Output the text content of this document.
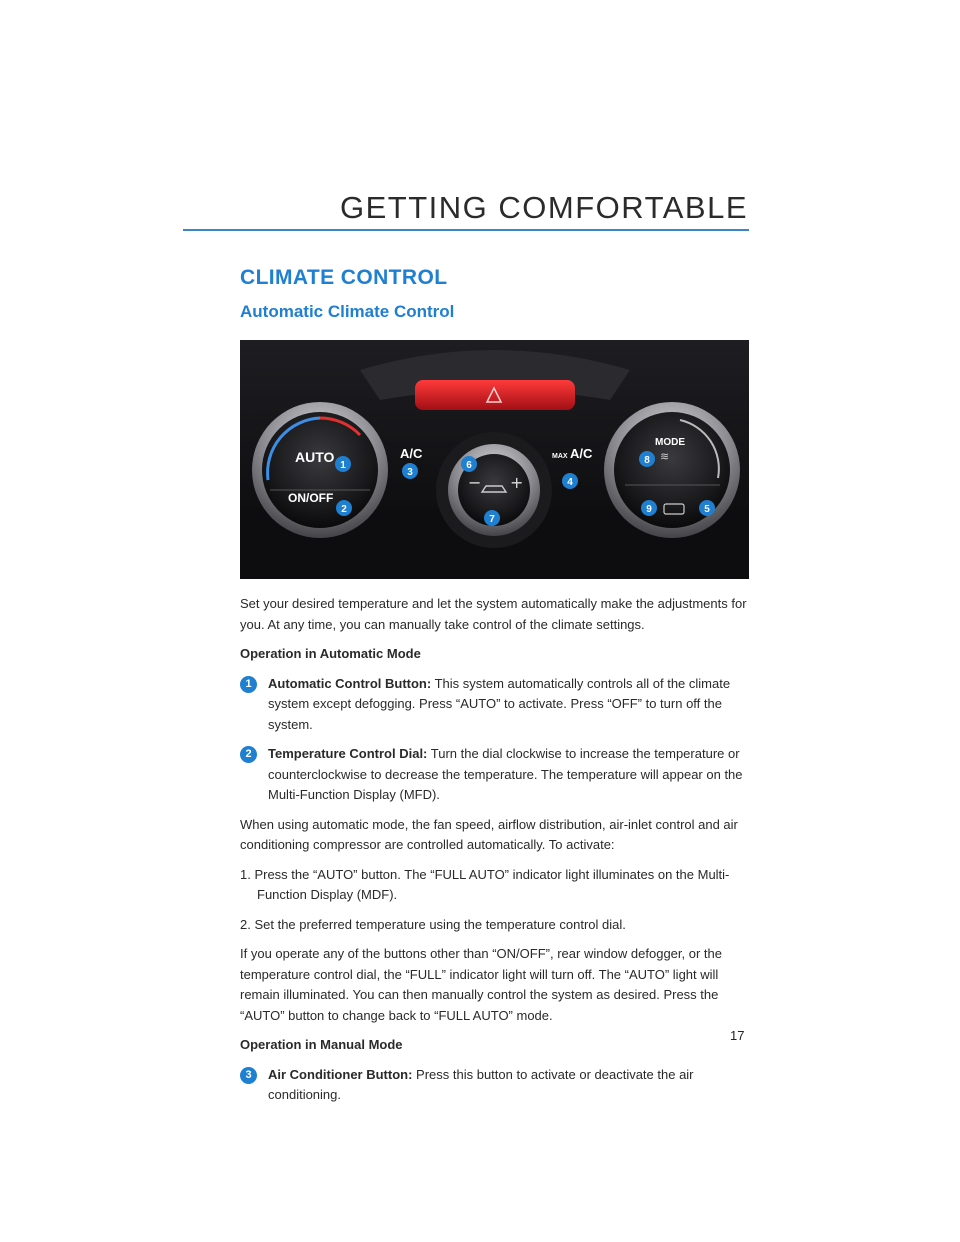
GETTING COMFORTABLE
CLIMATE CONTROL
Automatic Climate Control
AUTO
ON/OFF
− +
A/C	MAX A/C	≋
MODE
1
2
3
4
5
6
7
8
9

Set your desired temperature and let the system automatically make the adjustments for you. At any time, you can manually take control of the climate settings.

Operation in Automatic Mode

1	Automatic Control Button: This system automatically controls all of the climate system except defogging. Press “AUTO” to activate. Press “OFF” to turn off the system.
2	Temperature Control Dial: Turn the dial clockwise to increase the temperature or counterclockwise to decrease the temperature. The temperature will appear on the Multi-Function Display (MFD).

When using automatic mode, the fan speed, airflow distribution, air-inlet control and air conditioning compressor are controlled automatically. To activate:

1. Press the “AUTO” button. The “FULL AUTO” indicator light illuminates on the Multi-Function Display (MDF).

2. Set the preferred temperature using the temperature control dial.

If you operate any of the buttons other than “ON/OFF”, rear window defogger, or the temperature control dial, the “FULL” indicator light will turn off. The “AUTO” light will remain illuminated. You can then manually control the system as desired. Press the “AUTO” button to change back to “FULL AUTO” mode.

Operation in Manual Mode

3	Air Conditioner Button: Press this button to activate or deactivate the air conditioning.
17
